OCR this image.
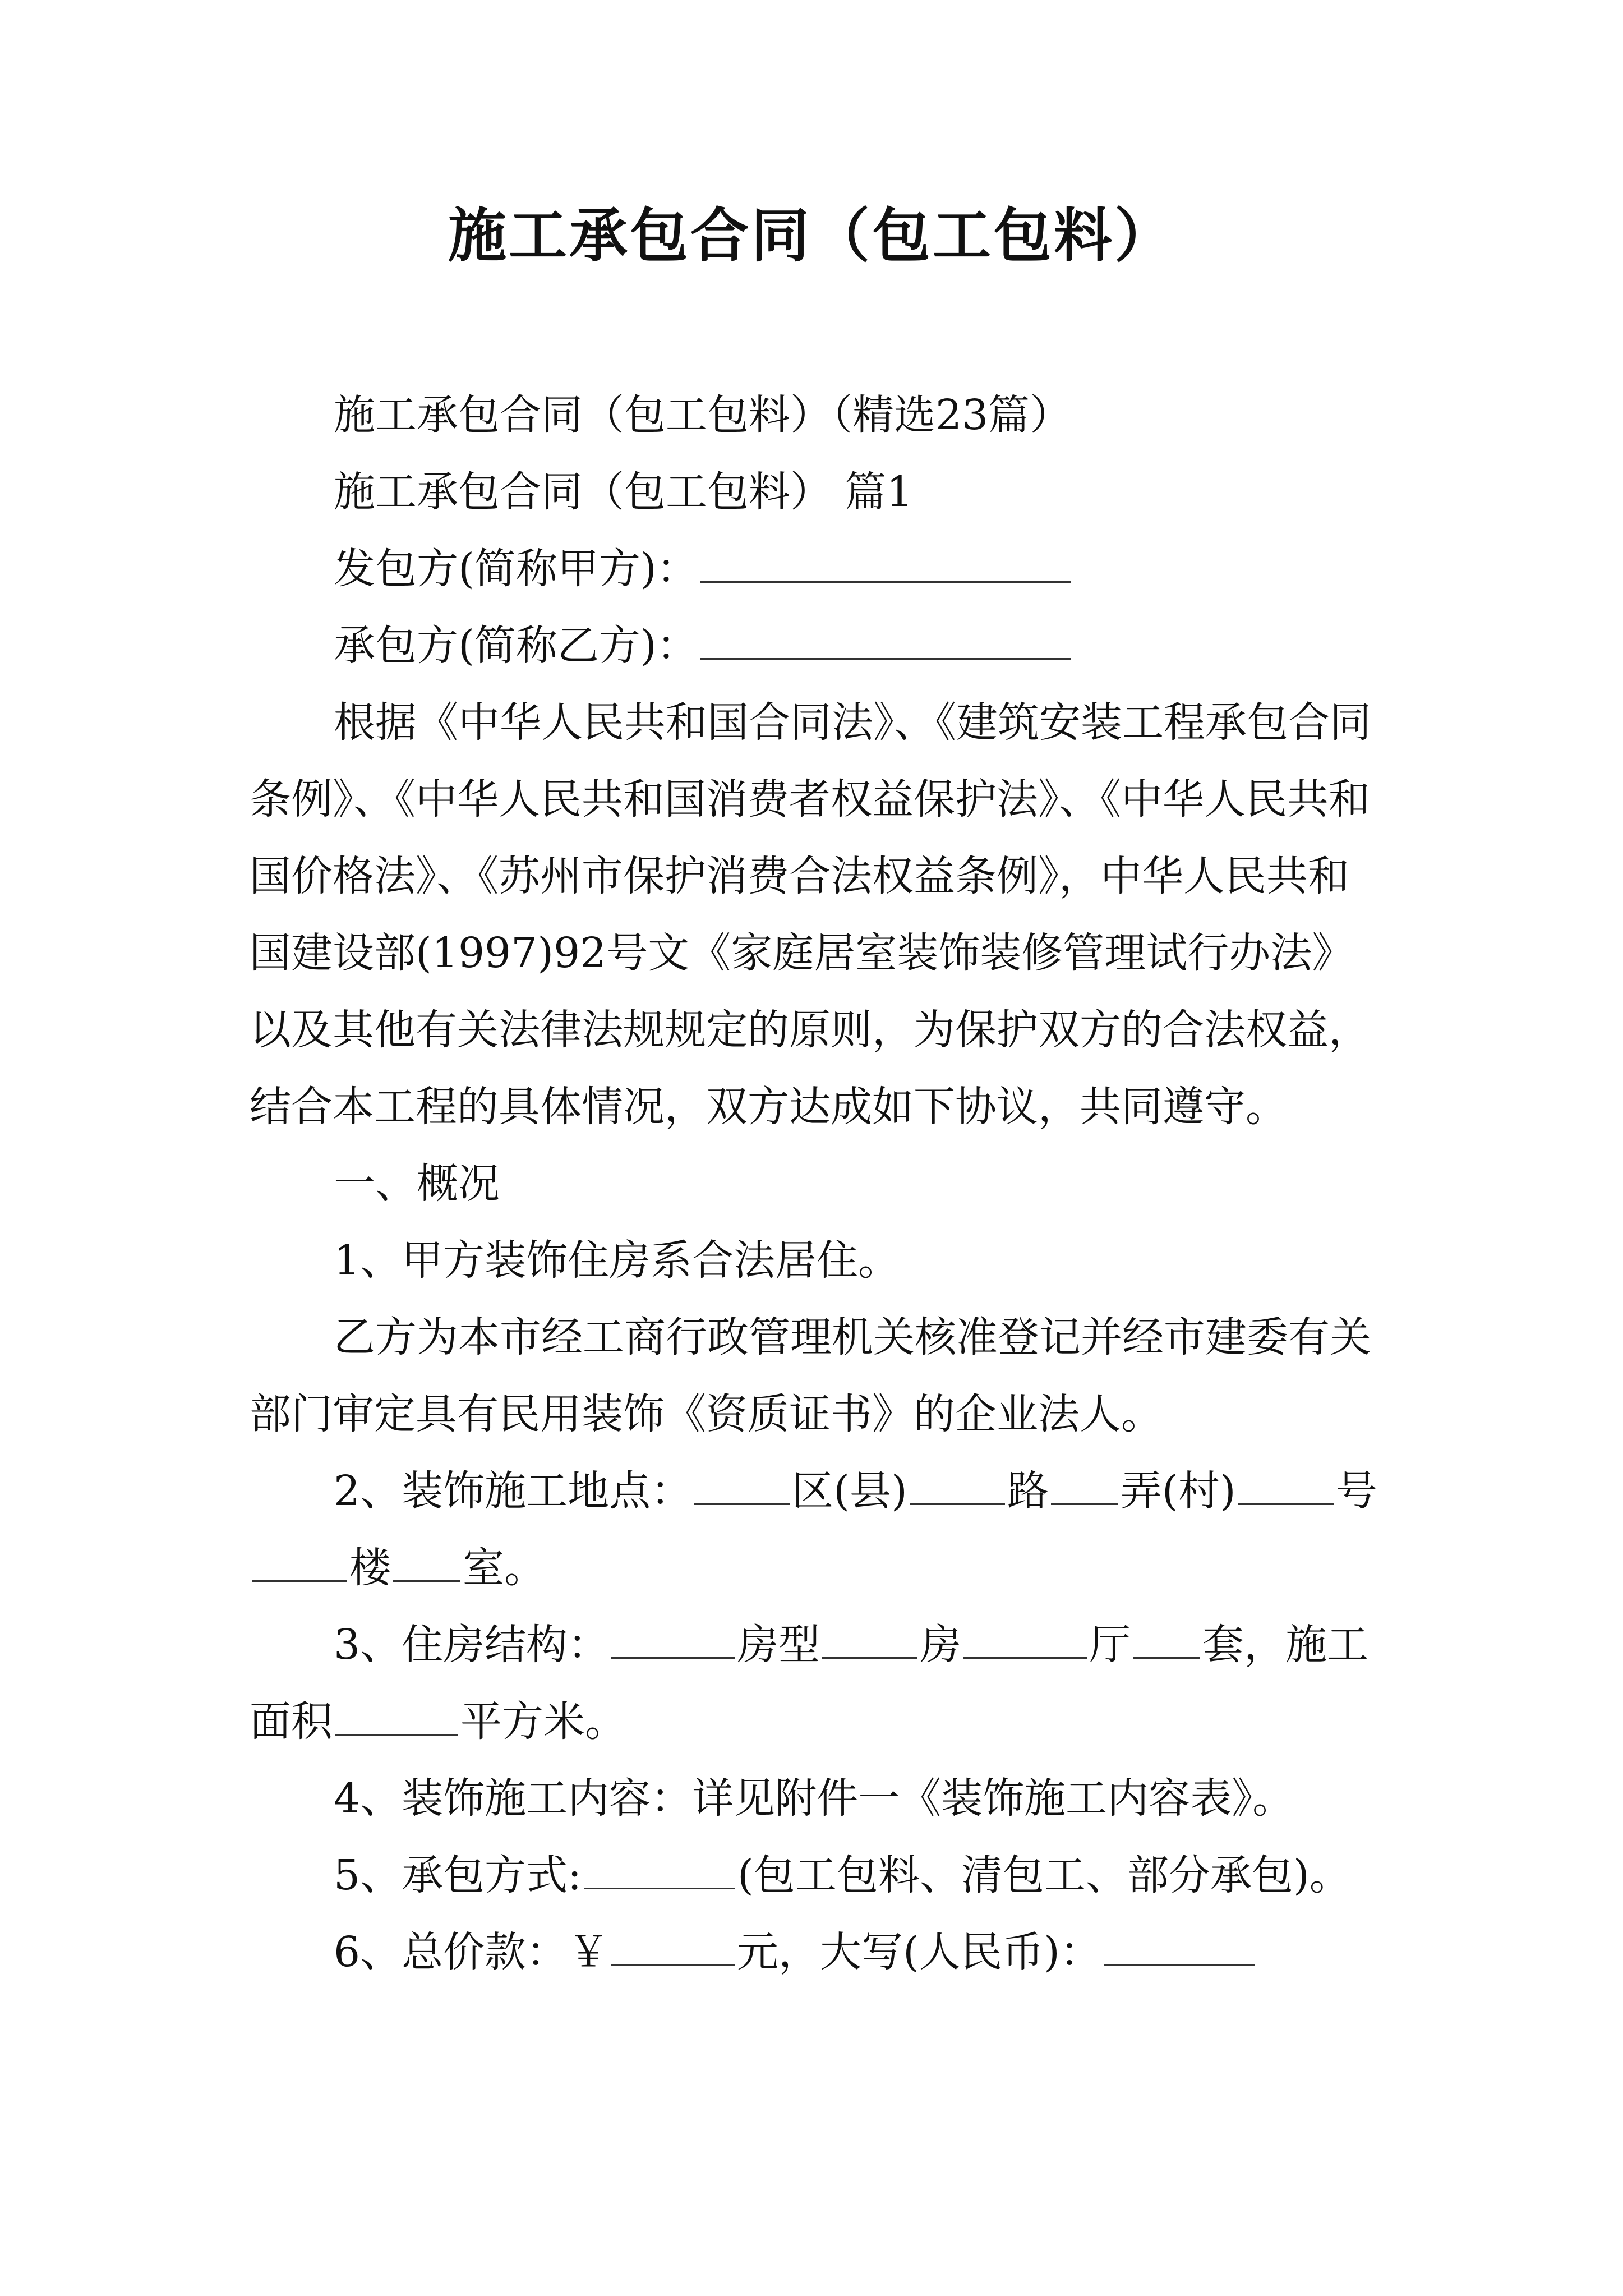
施工承包合同（包工包料）

施工承包合同（包工包料）（精选23篇）

施工承包合同（包工包料） 篇1

发包方(简称甲方)：

承包方(简称乙方)：

根据《中华人民共和国合同法》、《建筑安装工程承包合同条例》、《中华人民共和国消费者权益保护法》、《中华人民共和国价格法》、《苏州市保护消费合法权益条例》，中华人民共和国建设部(1997)92号文《家庭居室装饰装修管理试行办法》以及其他有关法律法规规定的原则，为保护双方的合法权益，结合本工程的具体情况，双方达成如下协议，共同遵守。

一、概况

1、甲方装饰住房系合法居住。

乙方为本市经工商行政管理机关核准登记并经市建委有关部门审定具有民用装饰《资质证书》的企业法人。

2、装饰施工地点： 区(县) 路 弄(村) 号楼 室。

3、住房结构：	房型 房	厅 套，施工面积	平方米。

4、装饰施工内容：详见附件一《装饰施工内容表》。

5、承包方式:	(包工包料、清包工、部分承包)。

6、总价款：￥	元，大写(人民币)：
